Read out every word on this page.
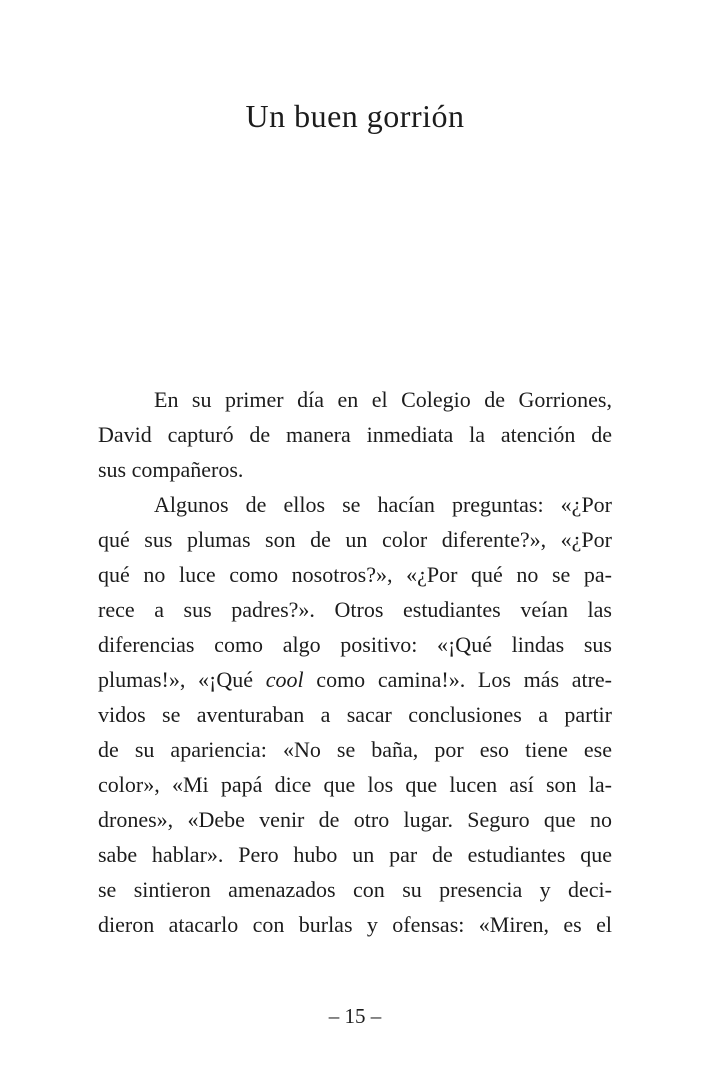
Un buen gorrión
En su primer día en el Colegio de Gorriones,
David capturó de manera inmediata la atención de
sus compañeros.
Algunos de ellos se hacían preguntas: «¿Por
qué sus plumas son de un color diferente?», «¿Por
qué no luce como nosotros?», «¿Por qué no se pa-
rece a sus padres?». Otros estudiantes veían las
diferencias como algo positivo: «¡Qué lindas sus
plumas!», «¡Qué cool como camina!». Los más atre-
vidos se aventuraban a sacar conclusiones a partir
de su apariencia: «No se baña, por eso tiene ese
color», «Mi papá dice que los que lucen así son la-
drones», «Debe venir de otro lugar. Seguro que no
sabe hablar». Pero hubo un par de estudiantes que
se sintieron amenazados con su presencia y deci-
dieron atacarlo con burlas y ofensas: «Miren, es el
– 15 –
